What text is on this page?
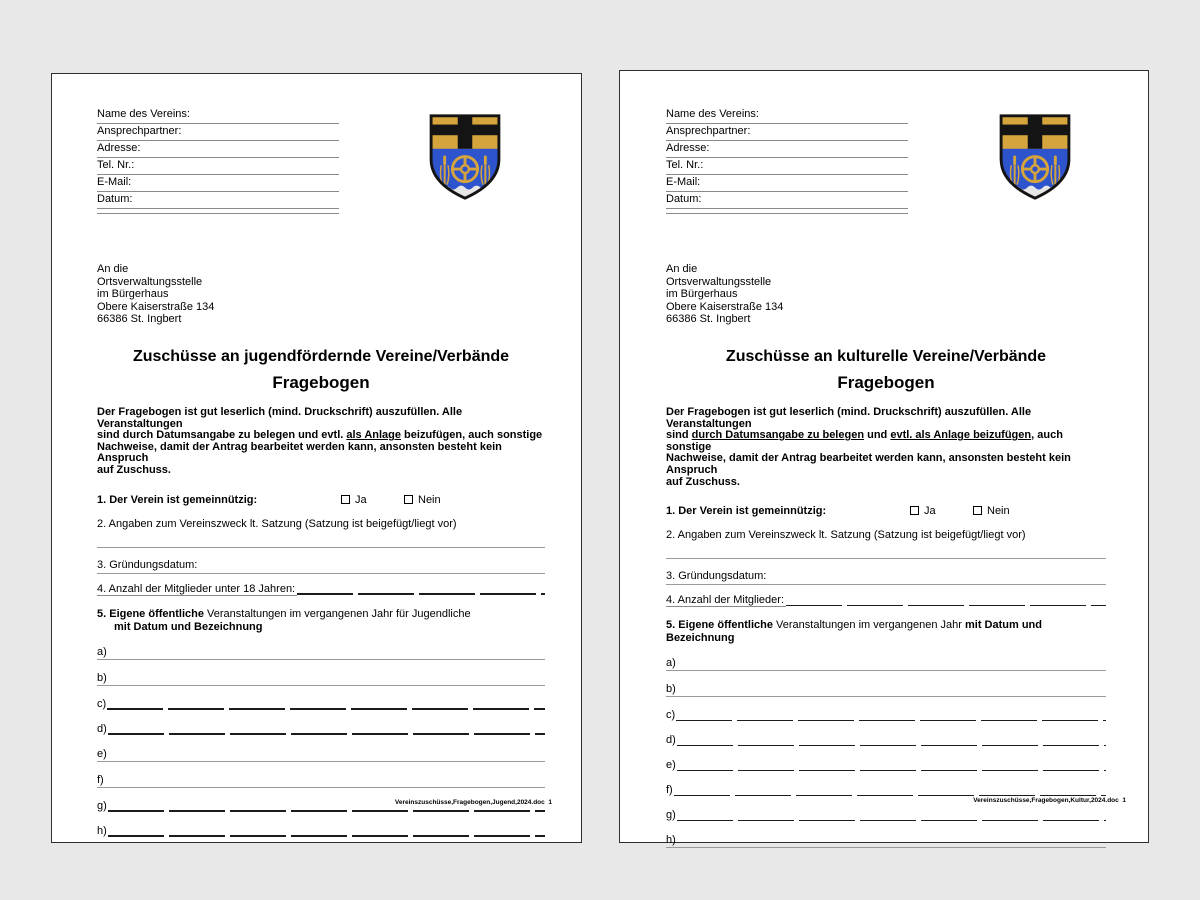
Name des Vereins:
Ansprechpartner:
Adresse:
Tel. Nr.:
E-Mail:
Datum:
An die
Ortsverwaltungsstelle
im Bürgerhaus
Obere Kaiserstraße 134
66386 St. Ingbert
Zuschüsse an jugendfördernde Vereine/Verbände
Fragebogen
Der Fragebogen ist gut leserlich (mind. Druckschrift) auszufüllen. Alle Veranstaltungen
sind durch Datumsangabe zu belegen und evtl. als Anlage beizufügen, auch sonstige
Nachweise, damit der Antrag bearbeitet werden kann, ansonsten besteht kein Anspruch
auf Zuschuss.
1. Der Verein ist gemeinnützig:	Ja	Nein
2. Angaben zum Vereinszweck lt. Satzung (Satzung ist beigefügt/liegt vor)
3. Gründungsdatum:
4. Anzahl der Mitglieder unter 18 Jahren:
5. Eigene öffentliche Veranstaltungen im vergangenen Jahr für Jugendliche
mit Datum und Bezeichnung
a)
b)
c)
d)
e)
f)
g)
h)
Vereinszuschüsse,Fragebogen,Jugend,2024.doc  1
Name des Vereins:
Ansprechpartner:
Adresse:
Tel. Nr.:
E-Mail:
Datum:
An die
Ortsverwaltungsstelle
im Bürgerhaus
Obere Kaiserstraße 134
66386 St. Ingbert
Zuschüsse an kulturelle Vereine/Verbände
Fragebogen
Der Fragebogen ist gut leserlich (mind. Druckschrift) auszufüllen. Alle Veranstaltungen
sind durch Datumsangabe zu belegen und evtl. als Anlage beizufügen, auch sonstige
Nachweise, damit der Antrag bearbeitet werden kann, ansonsten besteht kein Anspruch
auf Zuschuss.
1. Der Verein ist gemeinnützig:	Ja	Nein
2. Angaben zum Vereinszweck lt. Satzung (Satzung ist beigefügt/liegt vor)
3. Gründungsdatum:
4. Anzahl der Mitglieder:
5. Eigene öffentliche Veranstaltungen im vergangenen Jahr mit Datum und Bezeichnung
a)
b)
c)
d)
e)
f)
g)
h)
Vereinszuschüsse,Fragebogen,Kultur,2024.doc  1
